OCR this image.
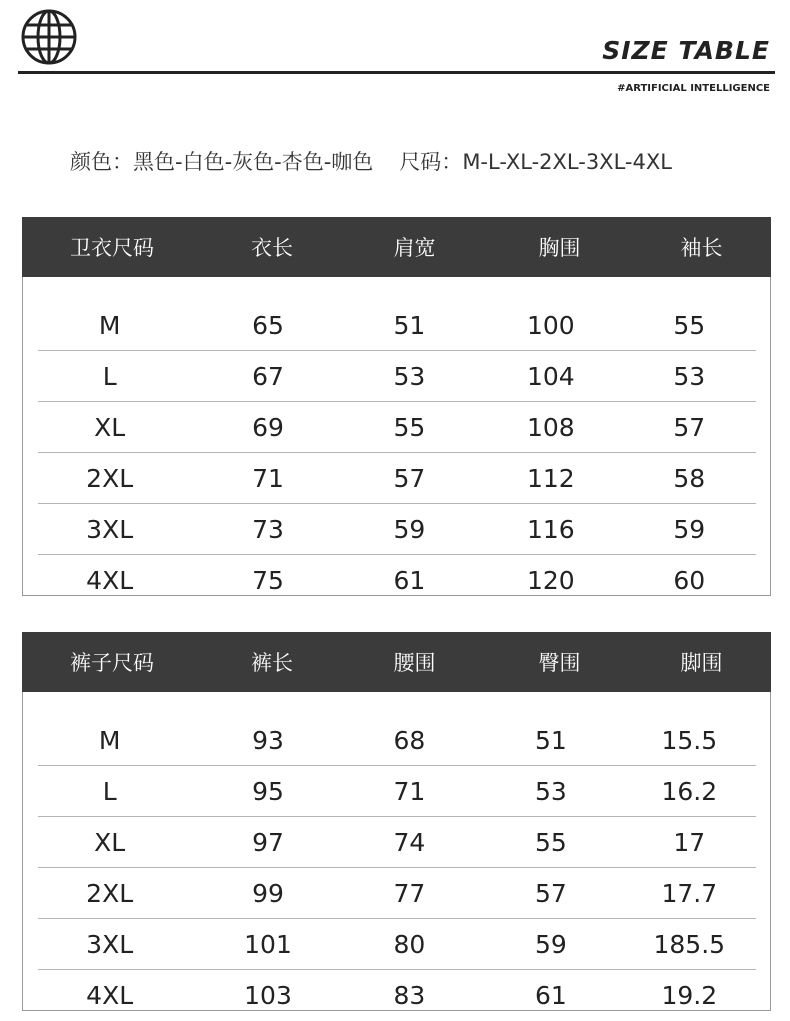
SIZE TABLE
#ARTIFICIAL INTELLIGENCE
颜色：黑色-白色-灰色-杏色-咖色 尺码：M-L-XL-2XL-3XL-4XL
卫衣尺码	衣长	肩宽	胸围	袖长
M	65	51	100	55
L	67	53	104	53
XL	69	55	108	57
2XL	71	57	112	58
3XL	73	59	116	59
4XL	75	61	120	60
裤子尺码	裤长	腰围	臀围	脚围
M	93	68	51	15.5
L	95	71	53	16.2
XL	97	74	55	17
2XL	99	77	57	17.7
3XL	101	80	59	185.5
4XL	103	83	61	19.2
